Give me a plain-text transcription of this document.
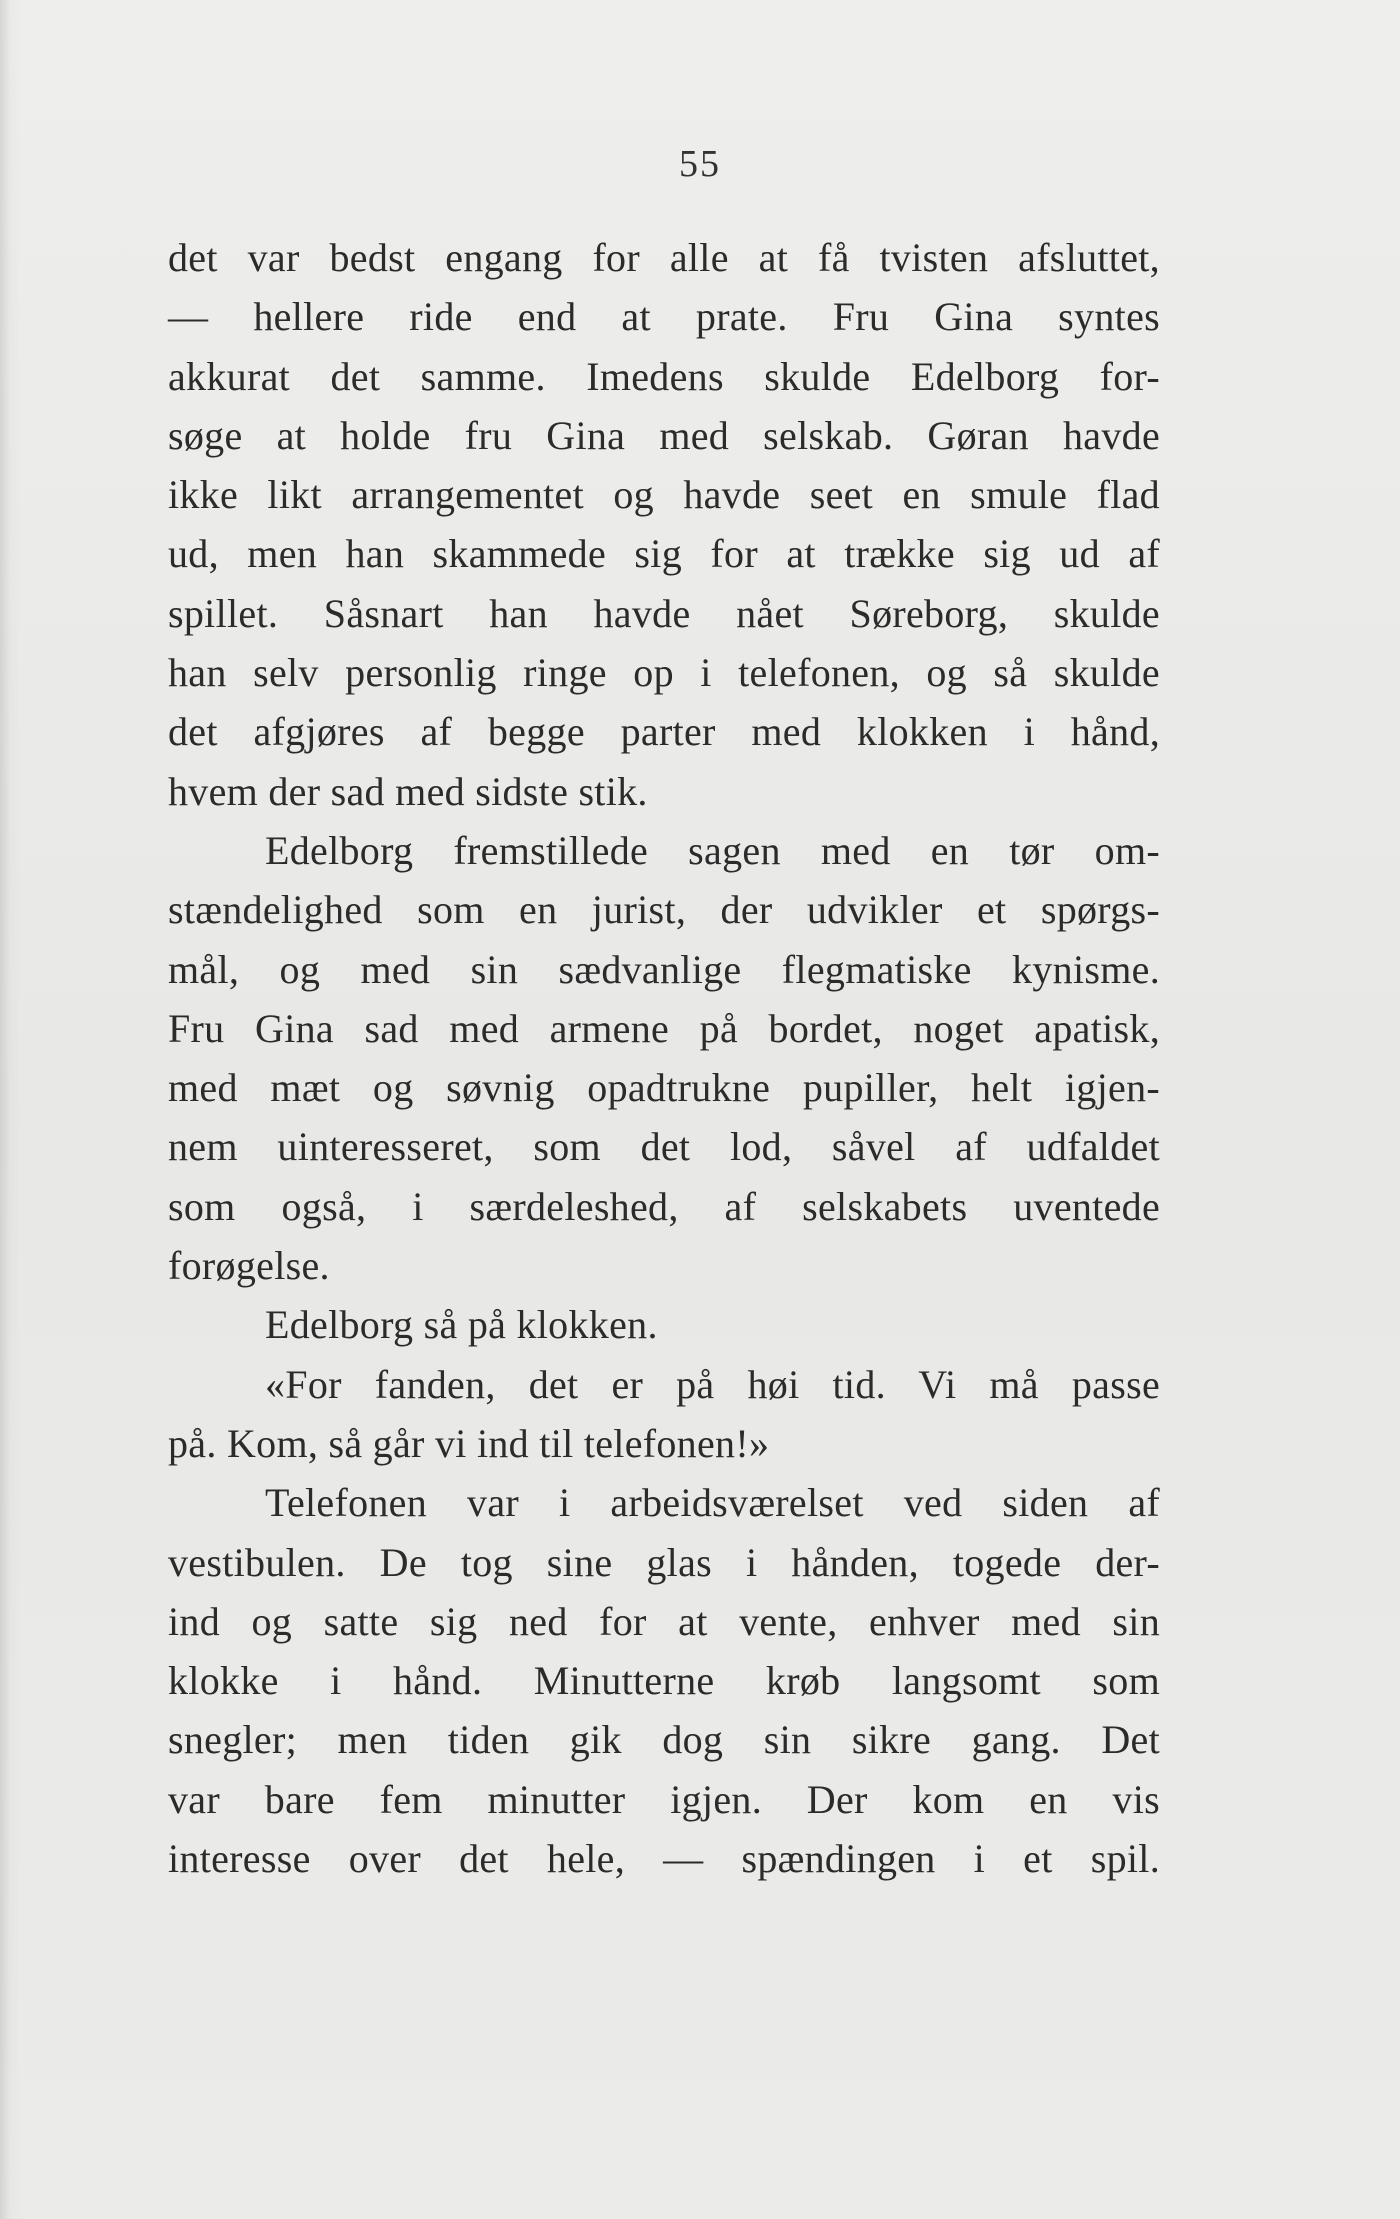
55
det var bedst engang for alle at få tvisten afsluttet,
— hellere ride end at prate. Fru Gina syntes
akkurat det samme. Imedens skulde Edelborg for-
søge at holde fru Gina med selskab. Gøran havde
ikke likt arrangementet og havde seet en smule flad
ud, men han skammede sig for at trække sig ud af
spillet. Såsnart han havde nået Søreborg, skulde
han selv personlig ringe op i telefonen, og så skulde
det afgjøres af begge parter med klokken i hånd,
hvem der sad med sidste stik.
Edelborg fremstillede sagen med en tør om-
stændelighed som en jurist, der udvikler et spørgs-
mål, og med sin sædvanlige flegmatiske kynisme.
Fru Gina sad med armene på bordet, noget apatisk,
med mæt og søvnig opadtrukne pupiller, helt igjen-
nem uinteresseret, som det lod, såvel af udfaldet
som også, i særdeleshed, af selskabets uventede
forøgelse.
Edelborg så på klokken.
«For fanden, det er på høi tid. Vi må passe
på. Kom, så går vi ind til telefonen!»
Telefonen var i arbeidsværelset ved siden af
vestibulen. De tog sine glas i hånden, togede der-
ind og satte sig ned for at vente, enhver med sin
klokke i hånd. Minutterne krøb langsomt som
snegler; men tiden gik dog sin sikre gang. Det
var bare fem minutter igjen. Der kom en vis
interesse over det hele, — spændingen i et spil.
